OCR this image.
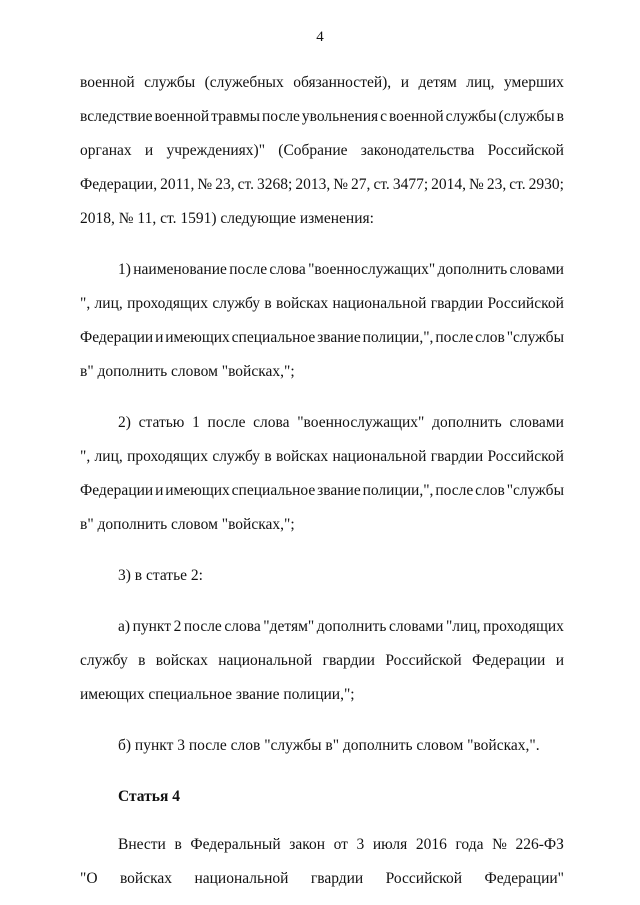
4
военной службы (служебных обязанностей), и детям лиц, умерших
вследствие военной травмы после увольнения с военной службы (службы в
органах и учреждениях)" (Собрание законодательства Российской
Федерации, 2011, № 23, ст. 3268; 2013, № 27, ст. 3477; 2014, № 23, ст. 2930;
2018, № 11, ст. 1591) следующие изменения:
1) наименование после слова "военнослужащих" дополнить словами
", лиц, проходящих службу в войсках национальной гвардии Российской
Федерации и имеющих специальное звание полиции,", после слов "службы
в" дополнить словом "войсках,";
2) статью 1 после слова "военнослужащих" дополнить словами
", лиц, проходящих службу в войсках национальной гвардии Российской
Федерации и имеющих специальное звание полиции,", после слов "службы
в" дополнить словом "войсках,";
3) в статье 2:
а) пункт 2 после слова "детям" дополнить словами "лиц, проходящих
службу в войсках национальной гвардии Российской Федерации и
имеющих специальное звание полиции,";
б) пункт 3 после слов "службы в" дополнить словом "войсках,".
Статья 4
Внести в Федеральный закон от 3 июля 2016 года № 226-ФЗ
"О войсках национальной гвардии Российской Федерации"
